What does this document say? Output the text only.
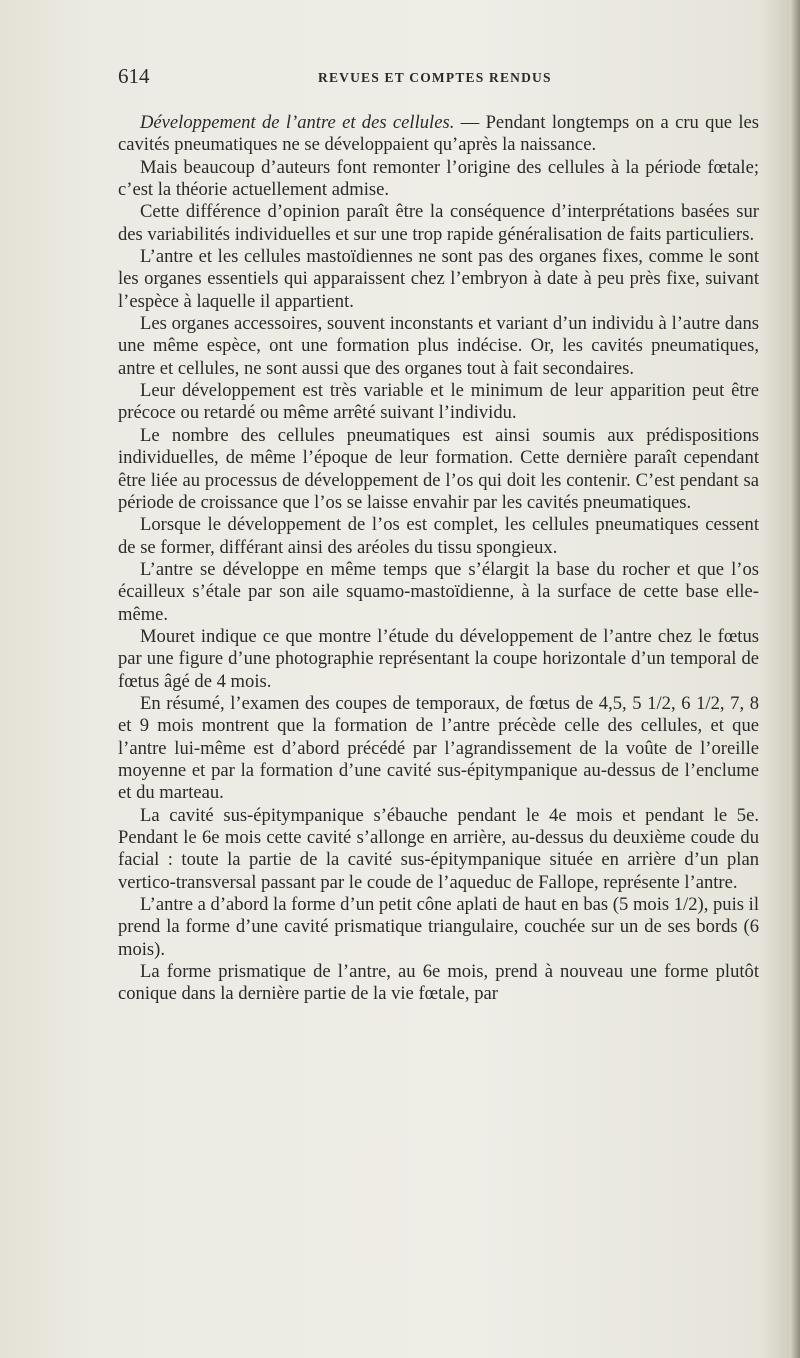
614	REVUES ET COMPTES RENDUS

Développement de l’antre et des cellules. — Pendant longtemps on a cru que les cavités pneumatiques ne se développaient qu’après la naissance.

Mais beaucoup d’auteurs font remonter l’origine des cellules à la période fœtale; c’est la théorie actuellement admise.

Cette différence d’opinion paraît être la conséquence d’interprétations basées sur des variabilités individuelles et sur une trop rapide généralisation de faits particuliers.

L’antre et les cellules mastoïdiennes ne sont pas des organes fixes, comme le sont les organes essentiels qui apparaissent chez l’embryon à date à peu près fixe, suivant l’espèce à laquelle il appartient.

Les organes accessoires, souvent inconstants et variant d’un individu à l’autre dans une même espèce, ont une formation plus indécise. Or, les cavités pneumatiques, antre et cellules, ne sont aussi que des organes tout à fait secondaires.

Leur développement est très variable et le minimum de leur apparition peut être précoce ou retardé ou même arrêté suivant l’individu.

Le nombre des cellules pneumatiques est ainsi soumis aux prédispositions individuelles, de même l’époque de leur formation. Cette dernière paraît cependant être liée au processus de développement de l’os qui doit les contenir. C’est pendant sa période de croissance que l’os se laisse envahir par les cavités pneumatiques.

Lorsque le développement de l’os est complet, les cellules pneumatiques cessent de se former, différant ainsi des aréoles du tissu spongieux.

L’antre se développe en même temps que s’élargit la base du rocher et que l’os écailleux s’étale par son aile squamo-mastoïdienne, à la surface de cette base elle-même.

Mouret indique ce que montre l’étude du développement de l’antre chez le fœtus par une figure d’une photographie représentant la coupe horizontale d’un temporal de fœtus âgé de 4 mois.

En résumé, l’examen des coupes de temporaux, de fœtus de 4,5, 5 1/2, 6 1/2, 7, 8 et 9 mois montrent que la formation de l’antre précède celle des cellules, et que l’antre lui-même est d’abord précédé par l’agrandissement de la voûte de l’oreille moyenne et par la formation d’une cavité sus-épitympanique au-dessus de l’enclume et du marteau.

La cavité sus-épitympanique s’ébauche pendant le 4e mois et pendant le 5e. Pendant le 6e mois cette cavité s’allonge en arrière, au-dessus du deuxième coude du facial : toute la partie de la cavité sus-épitympanique située en arrière d’un plan vertico-transversal passant par le coude de l’aqueduc de Fallope, représente l’antre.

L’antre a d’abord la forme d’un petit cône aplati de haut en bas (5 mois 1/2), puis il prend la forme d’une cavité prismatique triangulaire, couchée sur un de ses bords (6 mois).

La forme prismatique de l’antre, au 6e mois, prend à nouveau une forme plutôt conique dans la dernière partie de la vie fœtale, par
